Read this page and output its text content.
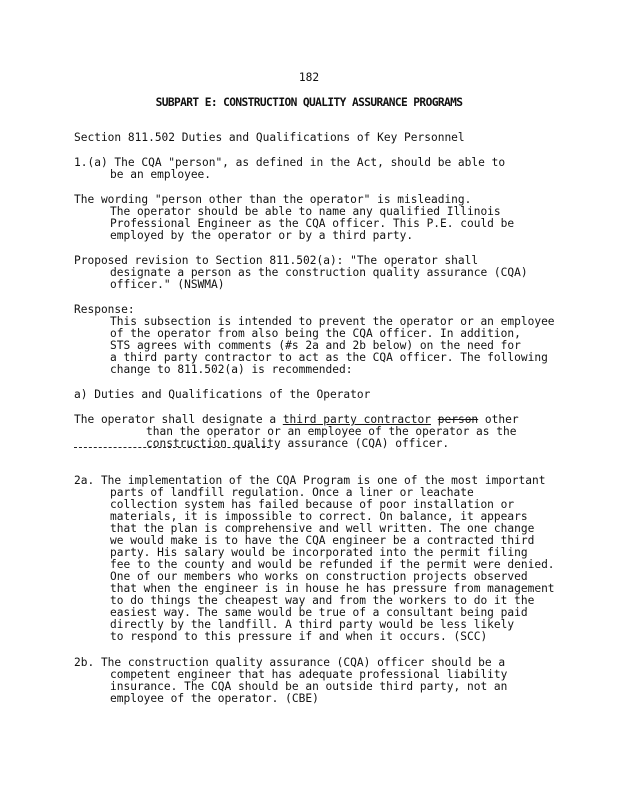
182
SUBPART E: CONSTRUCTION QUALITY ASSURANCE PROGRAMS
Section 811.502 Duties and Qualifications of Key Personnel
1.(a) The CQA "person", as defined in the Act, should be able to
be an employee.
The wording "person other than the operator" is misleading.
The operator should be able to name any qualified Illinois
Professional Engineer as the CQA officer. This P.E. could be
employed by the operator or by a third party.
Proposed revision to Section 811.502(a): "The operator shall
designate a person as the construction quality assurance (CQA)
officer." (NSWMA)
Response:
This subsection is intended to prevent the operator or an employee
of the operator from also being the CQA officer. In addition,
STS agrees with comments (#s 2a and 2b below) on the need for
a third party contractor to act as the CQA officer. The following
change to 811.502(a) is recommended:
a) Duties and Qualifications of the Operator
The operator shall designate a third party contractor person other
than the operator or an employee of the operator as the
construction quality assurance (CQA) officer.
2a. The implementation of the CQA Program is one of the most important
parts of landfill regulation. Once a liner or leachate
collection system has failed because of poor installation or
materials, it is impossible to correct. On balance, it appears
that the plan is comprehensive and well written. The one change
we would make is to have the CQA engineer be a contracted third
party. His salary would be incorporated into the permit filing
fee to the county and would be refunded if the permit were denied.
One of our members who works on construction projects observed
that when the engineer is in house he has pressure from management
to do things the cheapest way and from the workers to do it the
easiest way. The same would be true of a consultant being paid
directly by the landfill. A third party would be less likely
to respond to this pressure if and when it occurs. (SCC)
2b. The construction quality assurance (CQA) officer should be a
competent engineer that has adequate professional liability
insurance. The CQA should be an outside third party, not an
employee of the operator. (CBE)
